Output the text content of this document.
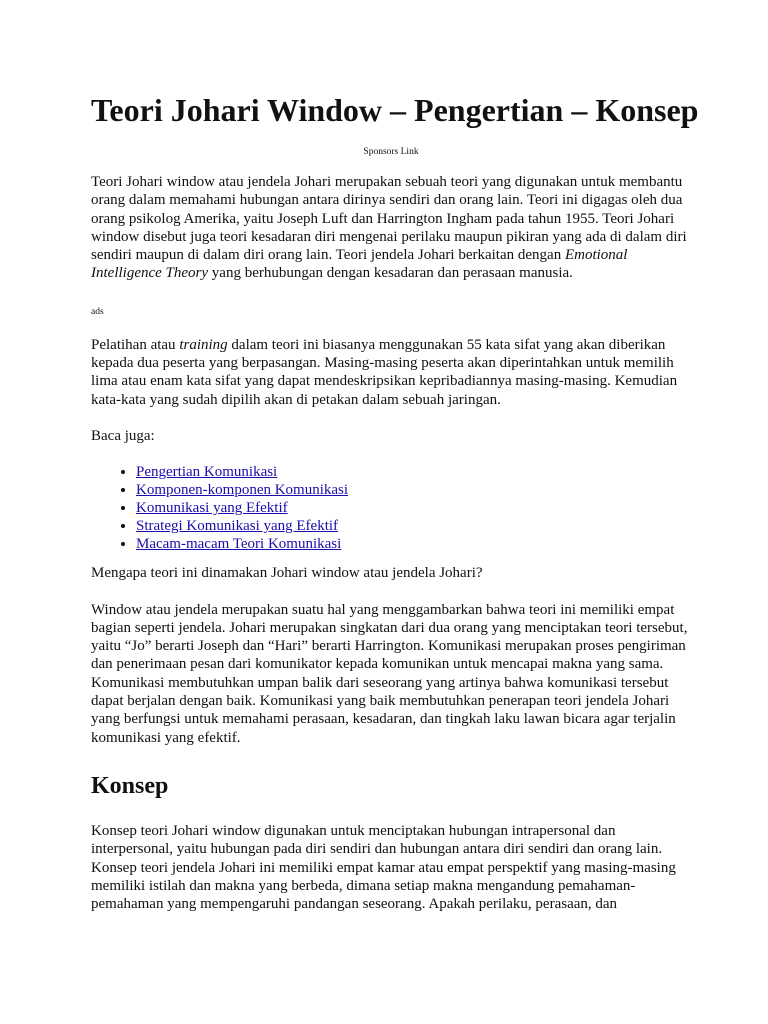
Teori Johari Window – Pengertian – Konsep
Sponsors Link

Teori Johari window atau jendela Johari merupakan sebuah teori yang digunakan untuk membantu orang dalam memahami hubungan antara dirinya sendiri dan orang lain. Teori ini digagas oleh dua orang psikolog Amerika, yaitu Joseph Luft dan Harrington Ingham pada tahun 1955. Teori Johari window disebut juga teori kesadaran diri mengenai perilaku maupun pikiran yang ada di dalam diri sendiri maupun di dalam diri orang lain. Teori jendela Johari berkaitan dengan Emotional Intelligence Theory yang berhubungan dengan kesadaran dan perasaan manusia.

ads

Pelatihan atau training dalam teori ini biasanya menggunakan 55 kata sifat yang akan diberikan kepada dua peserta yang berpasangan. Masing-masing peserta akan diperintahkan untuk memilih lima atau enam kata sifat yang dapat mendeskripsikan kepribadiannya masing-masing. Kemudian kata-kata yang sudah dipilih akan di petakan dalam sebuah jaringan.

Baca juga:

• Pengertian Komunikasi
• Komponen-komponen Komunikasi
• Komunikasi yang Efektif
• Strategi Komunikasi yang Efektif
• Macam-macam Teori Komunikasi

Mengapa teori ini dinamakan Johari window atau jendela Johari?

Window atau jendela merupakan suatu hal yang menggambarkan bahwa teori ini memiliki empat bagian seperti jendela. Johari merupakan singkatan dari dua orang yang menciptakan teori tersebut, yaitu “Jo” berarti Joseph dan “Hari” berarti Harrington. Komunikasi merupakan proses pengiriman dan penerimaan pesan dari komunikator kepada komunikan untuk mencapai makna yang sama. Komunikasi membutuhkan umpan balik dari seseorang yang artinya bahwa komunikasi tersebut dapat berjalan dengan baik. Komunikasi yang baik membutuhkan penerapan teori jendela Johari yang berfungsi untuk memahami perasaan, kesadaran, dan tingkah laku lawan bicara agar terjalin komunikasi yang efektif.

Konsep

Konsep teori Johari window digunakan untuk menciptakan hubungan intrapersonal dan interpersonal, yaitu hubungan pada diri sendiri dan hubungan antara diri sendiri dan orang lain. Konsep teori jendela Johari ini memiliki empat kamar atau empat perspektif yang masing-masing memiliki istilah dan makna yang berbeda, dimana setiap makna mengandung pemahaman-pemahaman yang mempengaruhi pandangan seseorang. Apakah perilaku, perasaan, dan
